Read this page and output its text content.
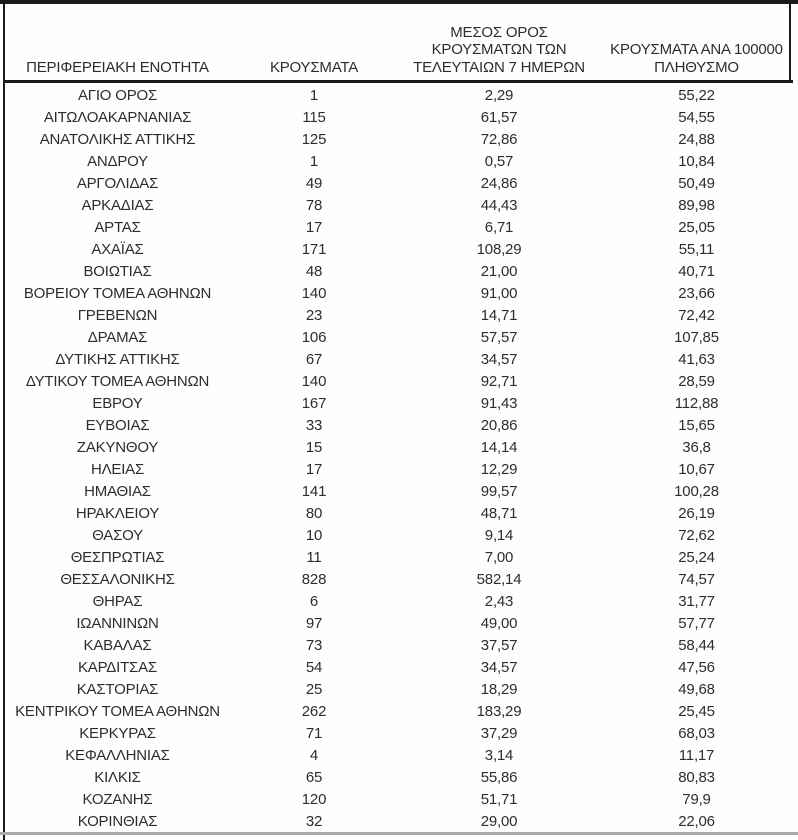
ΠΕΡΙΦΕΡΕΙΑΚΗ ΕΝΟΤΗΤΑ	ΚΡΟΥΣΜΑΤΑ	ΜΕΣΟΣ ΟΡΟΣ ΚΡΟΥΣΜΑΤΩΝ ΤΩΝ ΤΕΛΕΥΤΑΙΩΝ 7 ΗΜΕΡΩΝ	ΚΡΟΥΣΜΑΤΑ ΑΝΑ 100000 ΠΛΗΘΥΣΜΟ
ΑΓΙΟ ΟΡΟΣ	1	2,29	55,22
ΑΙΤΩΛΟΑΚΑΡΝΑΝΙΑΣ	115	61,57	54,55
ΑΝΑΤΟΛΙΚΗΣ ΑΤΤΙΚΗΣ	125	72,86	24,88
ΑΝΔΡΟΥ	1	0,57	10,84
ΑΡΓΟΛΙΔΑΣ	49	24,86	50,49
ΑΡΚΑΔΙΑΣ	78	44,43	89,98
ΑΡΤΑΣ	17	6,71	25,05
ΑΧΑΪΑΣ	171	108,29	55,11
ΒΟΙΩΤΙΑΣ	48	21,00	40,71
ΒΟΡΕΙΟΥ ΤΟΜΕΑ ΑΘΗΝΩΝ	140	91,00	23,66
ΓΡΕΒΕΝΩΝ	23	14,71	72,42
ΔΡΑΜΑΣ	106	57,57	107,85
ΔΥΤΙΚΗΣ ΑΤΤΙΚΗΣ	67	34,57	41,63
ΔΥΤΙΚΟΥ ΤΟΜΕΑ ΑΘΗΝΩΝ	140	92,71	28,59
ΕΒΡΟΥ	167	91,43	112,88
ΕΥΒΟΙΑΣ	33	20,86	15,65
ΖΑΚΥΝΘΟΥ	15	14,14	36,8
ΗΛΕΙΑΣ	17	12,29	10,67
ΗΜΑΘΙΑΣ	141	99,57	100,28
ΗΡΑΚΛΕΙΟΥ	80	48,71	26,19
ΘΑΣΟΥ	10	9,14	72,62
ΘΕΣΠΡΩΤΙΑΣ	11	7,00	25,24
ΘΕΣΣΑΛΟΝΙΚΗΣ	828	582,14	74,57
ΘΗΡΑΣ	6	2,43	31,77
ΙΩΑΝΝΙΝΩΝ	97	49,00	57,77
ΚΑΒΑΛΑΣ	73	37,57	58,44
ΚΑΡΔΙΤΣΑΣ	54	34,57	47,56
ΚΑΣΤΟΡΙΑΣ	25	18,29	49,68
ΚΕΝΤΡΙΚΟΥ ΤΟΜΕΑ ΑΘΗΝΩΝ	262	183,29	25,45
ΚΕΡΚΥΡΑΣ	71	37,29	68,03
ΚΕΦΑΛΛΗΝΙΑΣ	4	3,14	11,17
ΚΙΛΚΙΣ	65	55,86	80,83
ΚΟΖΑΝΗΣ	120	51,71	79,9
ΚΟΡΙΝΘΙΑΣ	32	29,00	22,06
